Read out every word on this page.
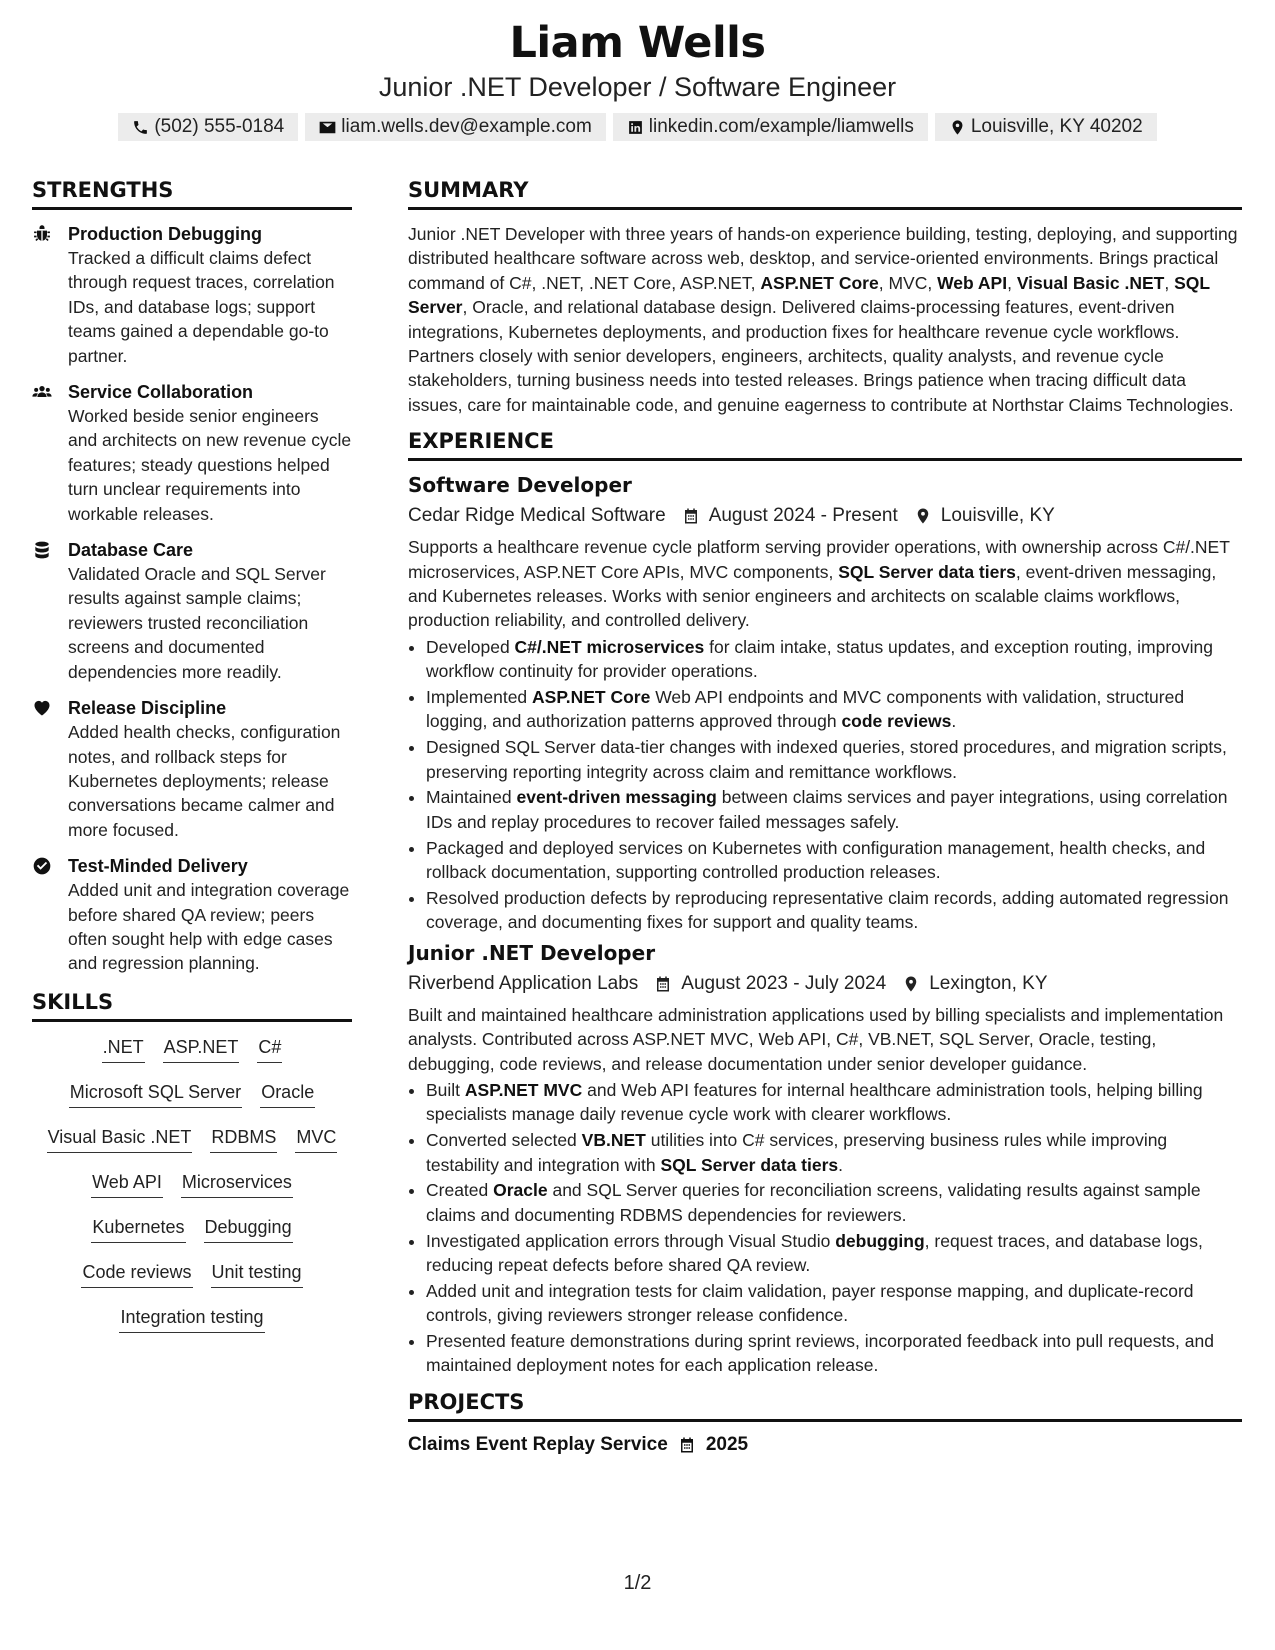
Liam Wells
Junior .NET Developer / Software Engineer
(502) 555-0184	liam.wells.dev@example.com	linkedin.com/example/liamwells	Louisville, KY 40202
STRENGTHS
Production Debugging
Tracked a difficult claims defect through request traces, correlation IDs, and database logs; support teams gained a dependable go-to partner.
Service Collaboration
Worked beside senior engineers and architects on new revenue cycle features; steady questions helped turn unclear requirements into workable releases.
Database Care
Validated Oracle and SQL Server results against sample claims; reviewers trusted reconciliation screens and documented dependencies more readily.
Release Discipline
Added health checks, configuration notes, and rollback steps for Kubernetes deployments; release conversations became calmer and more focused.
Test-Minded Delivery
Added unit and integration coverage before shared QA review; peers often sought help with edge cases and regression planning.
SKILLS
.NET ASP.NET C#
Microsoft SQL Server Oracle
Visual Basic .NET RDBMS MVC
Web API Microservices
Kubernetes Debugging
Code reviews Unit testing
Integration testing
SUMMARY

Junior .NET Developer with three years of hands-on experience building, testing, deploying, and supporting distributed healthcare software across web, desktop, and service-oriented environments. Brings practical command of C#, .NET, .NET Core, ASP.NET, ASP.NET Core, MVC, Web API, Visual Basic .NET, SQL Server, Oracle, and relational database design. Delivered claims-processing features, event-driven integrations, Kubernetes deployments, and production fixes for healthcare revenue cycle workflows. Partners closely with senior developers, engineers, architects, quality analysts, and revenue cycle stakeholders, turning business needs into tested releases. Brings patience when tracing difficult data issues, care for maintainable code, and genuine eagerness to contribute at Northstar Claims Technologies.

EXPERIENCE
Software Developer
Cedar Ridge Medical Software August 2024 - Present Louisville, KY

Supports a healthcare revenue cycle platform serving provider operations, with ownership across C#/.NET microservices, ASP.NET Core APIs, MVC components, SQL Server data tiers, event-driven messaging, and Kubernetes releases. Works with senior engineers and architects on scalable claims workflows, production reliability, and controlled delivery.

• Developed C#/.NET microservices for claim intake, status updates, and exception routing, improving workflow continuity for provider operations.
• Implemented ASP.NET Core Web API endpoints and MVC components with validation, structured logging, and authorization patterns approved through code reviews.
• Designed SQL Server data-tier changes with indexed queries, stored procedures, and migration scripts, preserving reporting integrity across claim and remittance workflows.
• Maintained event-driven messaging between claims services and payer integrations, using correlation IDs and replay procedures to recover failed messages safely.
• Packaged and deployed services on Kubernetes with configuration management, health checks, and rollback documentation, supporting controlled production releases.
• Resolved production defects by reproducing representative claim records, adding automated regression coverage, and documenting fixes for support and quality teams.
Junior .NET Developer
Riverbend Application Labs August 2023 - July 2024 Lexington, KY

Built and maintained healthcare administration applications used by billing specialists and implementation analysts. Contributed across ASP.NET MVC, Web API, C#, VB.NET, SQL Server, Oracle, testing, debugging, code reviews, and release documentation under senior developer guidance.

• Built ASP.NET MVC and Web API features for internal healthcare administration tools, helping billing specialists manage daily revenue cycle work with clearer workflows.
• Converted selected VB.NET utilities into C# services, preserving business rules while improving testability and integration with SQL Server data tiers.
• Created Oracle and SQL Server queries for reconciliation screens, validating results against sample claims and documenting RDBMS dependencies for reviewers.
• Investigated application errors through Visual Studio debugging, request traces, and database logs, reducing repeat defects before shared QA review.
• Added unit and integration tests for claim validation, payer response mapping, and duplicate-record controls, giving reviewers stronger release confidence.
• Presented feature demonstrations during sprint reviews, incorporated feedback into pull requests, and maintained deployment notes for each application release.
PROJECTS
Claims Event Replay Service 2025
1/2
